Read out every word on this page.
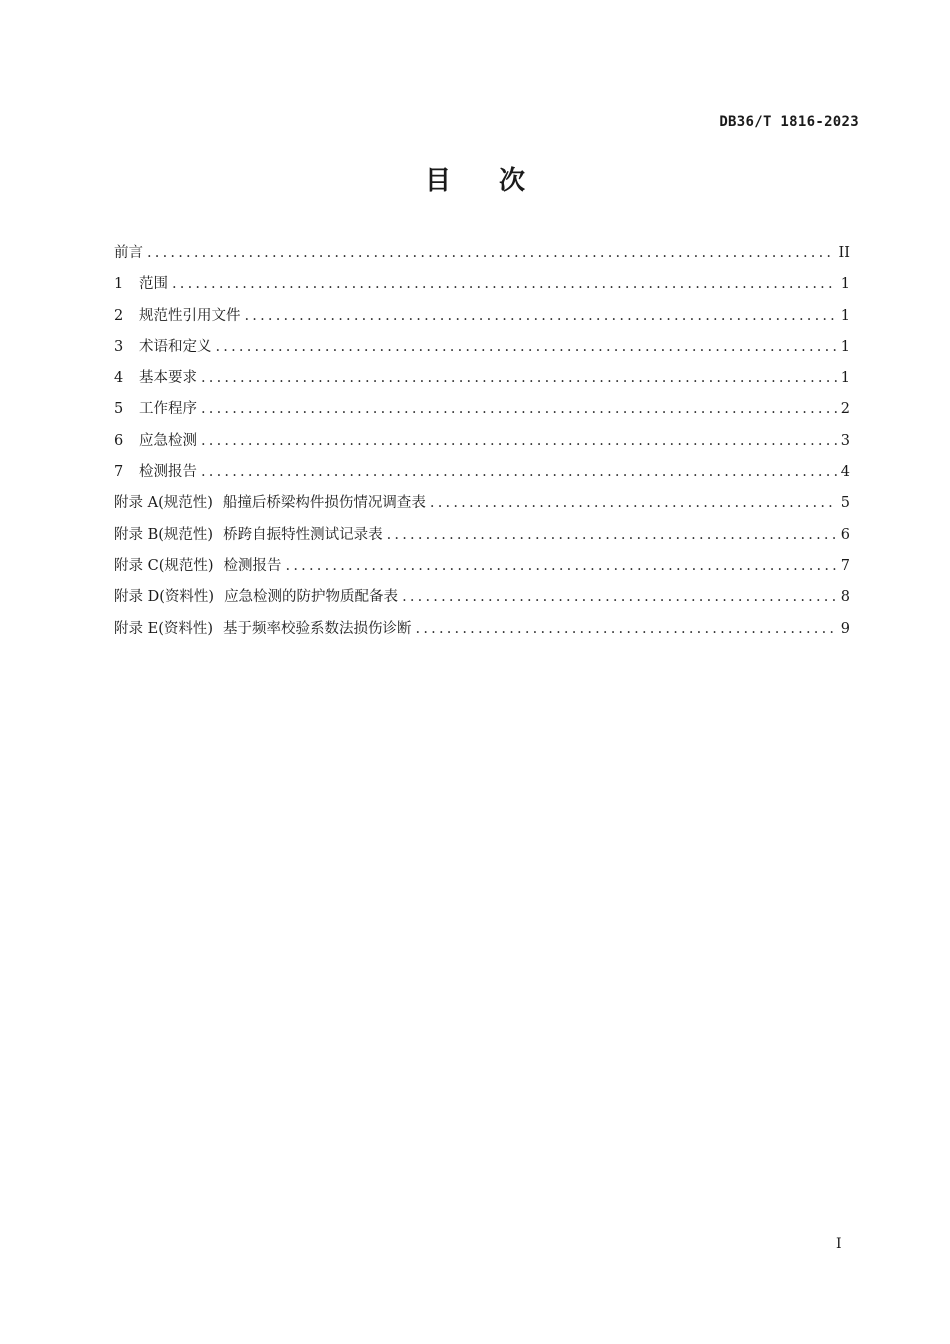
DB36/T 1816-2023
目次
前言 .....	II
1	范围 .....	1
2	规范性引用文件 .....	1
3	术语和定义 .....	1
4	基本要求 .....	1
5	工作程序 .....	2
6	应急检测 .....	3
7	检测报告 .....	4
附录 A(规范性) 船撞后桥梁构件损伤情况调查表 .....	5
附录 B(规范性) 桥跨自振特性测试记录表 .....	6
附录 C(规范性) 检测报告 .....	7
附录 D(资料性) 应急检测的防护物质配备表 .....	8
附录 E(资料性) 基于频率校验系数法损伤诊断 .....	9
I
